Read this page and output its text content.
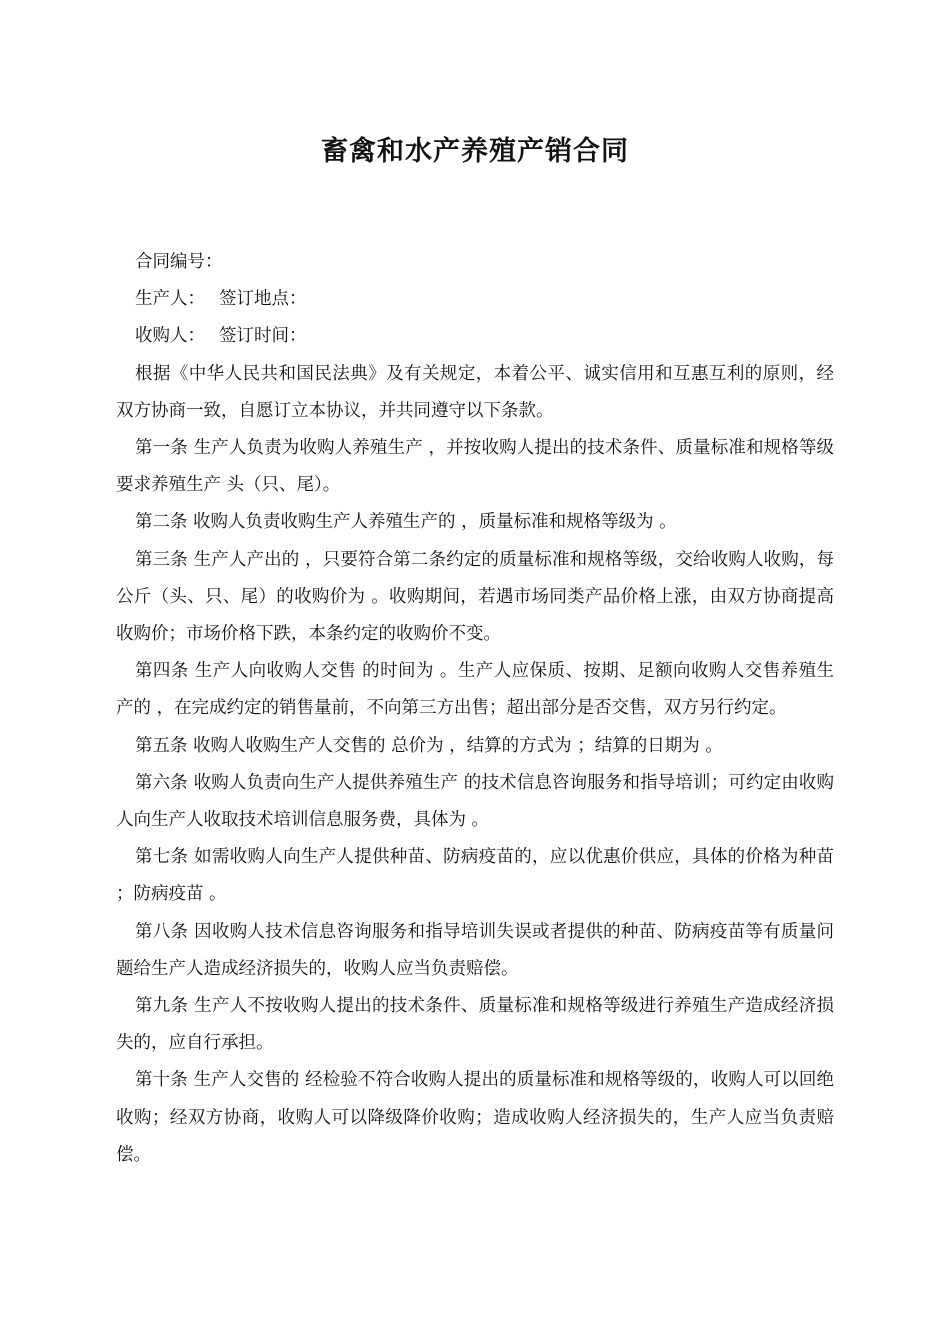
畜禽和水产养殖产销合同

合同编号：

生产人： 签订地点：

收购人： 签订时间：

根据《中华人民共和国民法典》及有关规定，本着公平、诚实信用和互惠互利的原则，经双方协商一致，自愿订立本协议，并共同遵守以下条款。

第一条 生产人负责为收购人养殖生产 ，并按收购人提出的技术条件、质量标准和规格等级要求养殖生产 头（只、尾）。

第二条 收购人负责收购生产人养殖生产的 ，质量标准和规格等级为 。

第三条 生产人产出的 ，只要符合第二条约定的质量标准和规格等级，交给收购人收购，每公斤（头、只、尾）的收购价为 。收购期间，若遇市场同类产品价格上涨，由双方协商提高收购价；市场价格下跌，本条约定的收购价不变。

第四条 生产人向收购人交售 的时间为 。生产人应保质、按期、足额向收购人交售养殖生产的 ，在完成约定的销售量前，不向第三方出售；超出部分是否交售，双方另行约定。

第五条 收购人收购生产人交售的 总价为 ，结算的方式为 ；结算的日期为 。

第六条 收购人负责向生产人提供养殖生产 的技术信息咨询服务和指导培训；可约定由收购人向生产人收取技术培训信息服务费，具体为 。

第七条 如需收购人向生产人提供种苗、防病疫苗的，应以优惠价供应，具体的价格为种苗 ；防病疫苗 。

第八条 因收购人技术信息咨询服务和指导培训失误或者提供的种苗、防病疫苗等有质量问题给生产人造成经济损失的，收购人应当负责赔偿。

第九条 生产人不按收购人提出的技术条件、质量标准和规格等级进行养殖生产造成经济损失的，应自行承担。

第十条 生产人交售的 经检验不符合收购人提出的质量标准和规格等级的，收购人可以回绝收购；经双方协商，收购人可以降级降价收购；造成收购人经济损失的，生产人应当负责赔偿。
